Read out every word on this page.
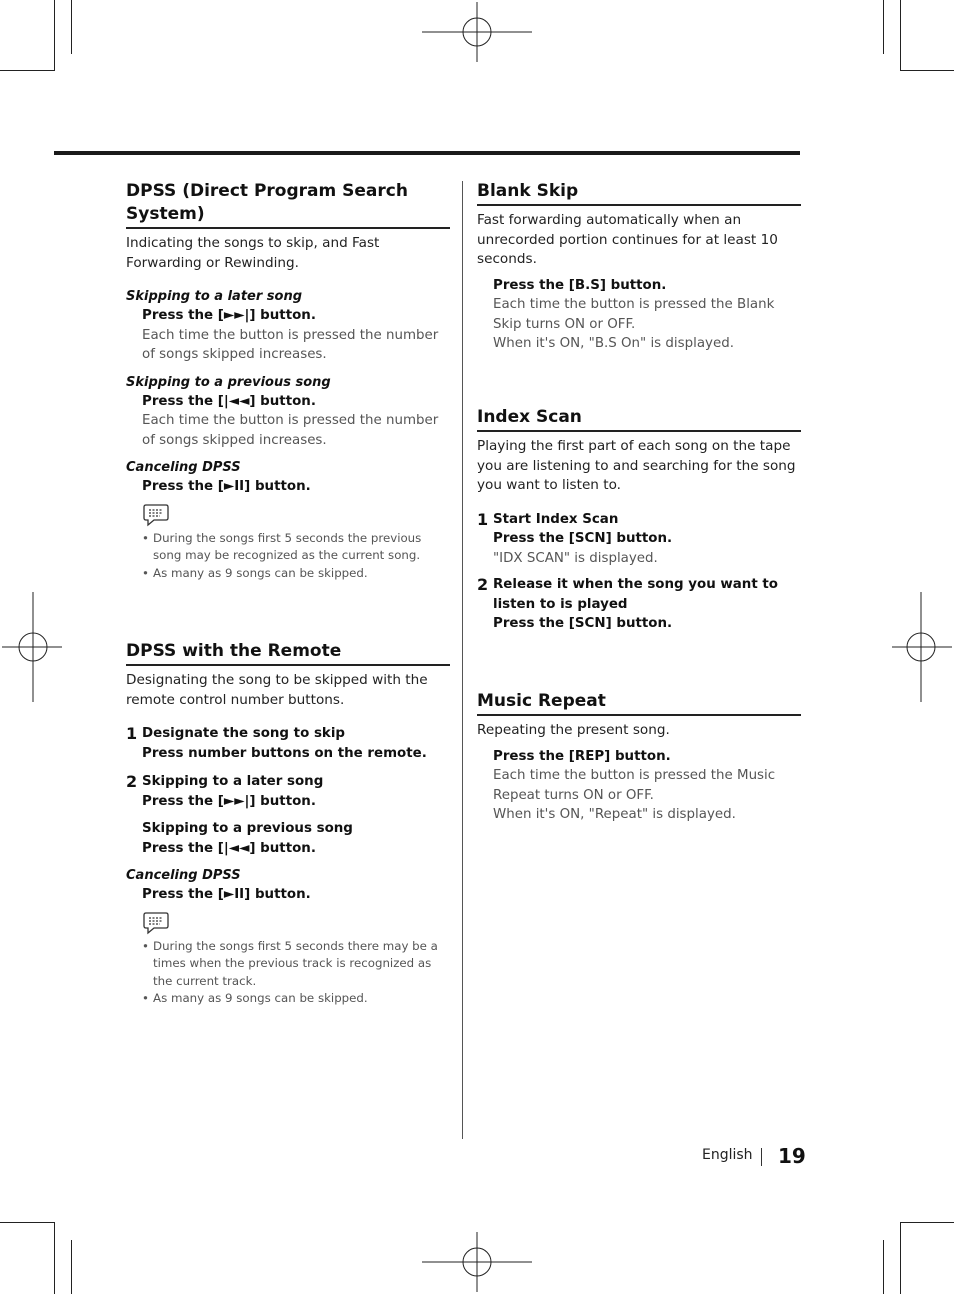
DPSS (Direct Program Search System)

Indicating the songs to skip, and Fast Forwarding or Rewinding.

Skipping to a later song
Press the [►►|] button.
Each time the button is pressed the number of songs skipped increases.
Skipping to a previous song
Press the [|◄◄] button.
Each time the button is pressed the number of songs skipped increases.
Canceling DPSS
Press the [►II] button.
• During the songs first 5 seconds the previous song may be recognized as the current song.
• As many as 9 songs can be skipped.
DPSS with the Remote

Designating the song to be skipped with the remote control number buttons.

1 Designate the song to skip
Press number buttons on the remote.
2 Skipping to a later song
Press the [►►|] button.
Skipping to a previous song
Press the [|◄◄] button.
Canceling DPSS
Press the [►II] button.
• During the songs first 5 seconds there may be a times when the previous track is recognized as the current track.
• As many as 9 songs can be skipped.
Blank Skip

Fast forwarding automatically when an unrecorded portion continues for at least 10 seconds.

Press the [B.S] button.
Each time the button is pressed the Blank Skip turns ON or OFF.
When it's ON, "B.S On" is displayed.
Index Scan

Playing the first part of each song on the tape you are listening to and searching for the song you want to listen to.

1 Start Index Scan
Press the [SCN] button.
"IDX SCAN" is displayed.
2 Release it when the song you want to listen to is played
Press the [SCN] button.
Music Repeat

Repeating the present song.

Press the [REP] button.
Each time the button is pressed the Music Repeat turns ON or OFF.
When it's ON, "Repeat" is displayed.
English 19
